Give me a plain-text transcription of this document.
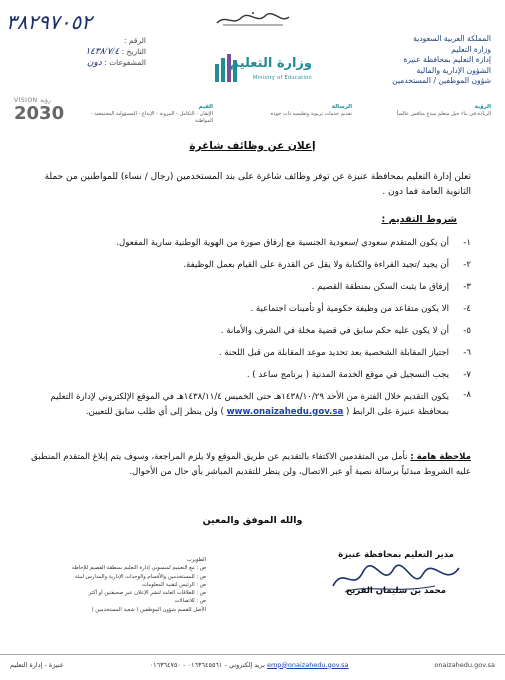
المملكة العربية السعودية
وزارة التعليم
إدارة التعليم بمحافظة عنيزة
الشؤون الإدارية والمالية
شؤون الموظفين / المستخدمين
٣٨٢٩٧٠٥٢
الرقم :
التاريخ : ١٤٣٨/٧/٤
المشفوعات : دون	وزارة التعليم
Ministry of Education
VISION رؤية
2030	الرؤية
الريادة في بناء جيل متعلم مبدع منافس عالمياً
الرسالة
تقديم خدمات تربوية وتعليمية ذات جودة
القيم
الإتقان - التكامل - المرونة - الإبداع - المسؤولية المجتمعية - المواطنة
إعلان عن وظائف شاغرة
تعلن إدارة التعليم بمحافظة عنيزة عن توفر وظائف شاغرة على بند المستخدمين (رجال / نساء) للمواطنين من حملة الثانوية العامة فما دون .
شروط التقديم :
١-
أن يكون المتقدم سعودي /سعودية الجنسية مع إرفاق صورة من الهوية الوطنية سارية المفعول.
٢-
أن يجيد /تجيد القراءة والكتابة ولا يقل عن القدرة على القيام بعمل الوظيفة.
٣-
إرفاق ما يثبت السكن بمنطقة القصيم .
٤-
الا يكون متقاعد من وظيفة حكومية أو تأمينات اجتماعية .
٥-
أن لا يكون عليه حكم سابق في قضية مخلة في الشرف والأمانة .
٦-
اجتياز المقابلة الشخصية بعد تحديد موعد المقابلة من قبل اللجنة .
٧-
يجب التسجيل في موقع الخدمة المدنية ( برنامج ساعد ) .
٨-
يكون التقديم خلال الفترة من الأحد ١٤٣٨/١٠/٢٩هـ حتى الخميس ١٤٣٨/١١/٤هـ في الموقع الإلكتروني لإدارة التعليم بمحافظة عنيزة على الرابط ( www.onaizahedu.gov.sa ) ولن ينظر إلى أي طلب سابق للتعيين.
ملاحظة هامة : نأمل من المتقدمين الاكتفاء بالتقديم عن طريق الموقع ولا يلزم المراجعة، وسوف يتم إبلاغ المتقدم المنطبق عليه الشروط مبدئياً برسالة نصية أو عبر الاتصال، ولن ينظر للتقديم المباشر بأي حال من الأحوال.
والله الموفق والمعين
الطويرب
ص : مع التعميم لمنسوبي إدارة التعليم بمنطقة القصيم للإحاطة
ص : للمستخدمين والأقسام والوحدات الإدارية والمدارس لبيئة
ص : الرئيس لتقنية المعلومات
ص : للعلاقات العامة لنشر الإعلان عبر صحيفتين أو أكثر
ص : للاتصالات
الأصل للقسم شؤون الموظفين ( شعبة المستخدمين )
مدير التعليم بمحافظة عنيزة
محمد بن سليمان الفريح
عنيزة - إدارة التعليم	emp@onaizahedu.gov.sa بريد إلكتروني - ٠١٦٣٦٤٥٥٦١ - ٠١٦٣٦٤٧٥٠	onaizahedu.gov.sa
